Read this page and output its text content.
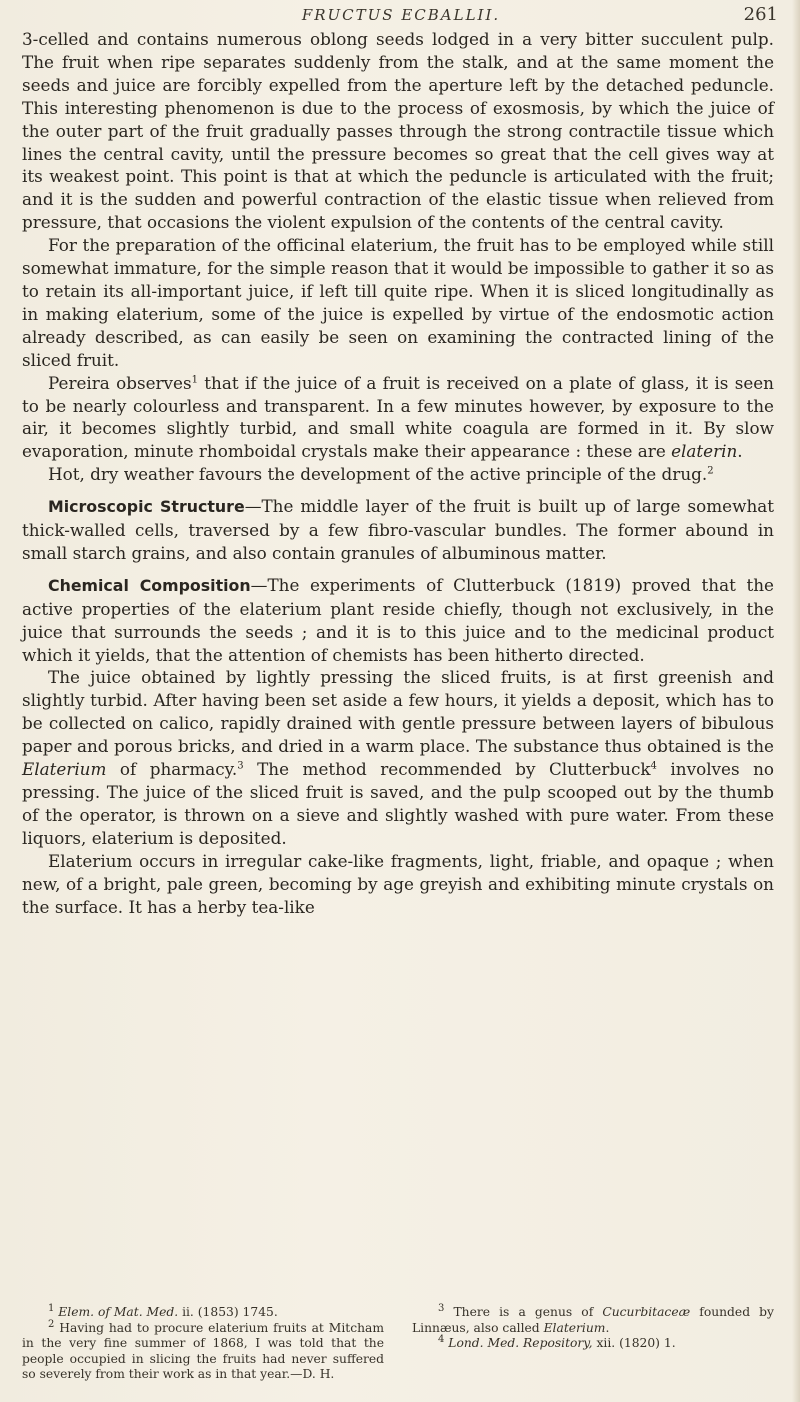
FRUCTUS ECBALLII.	261

3-celled and contains numerous oblong seeds lodged in a very bitter succulent pulp. The fruit when ripe separates suddenly from the stalk, and at the same moment the seeds and juice are forcibly expelled from the aperture left by the detached peduncle. This interesting phenomenon is due to the process of exosmosis, by which the juice of the outer part of the fruit gradually passes through the strong contractile tissue which lines the central cavity, until the pressure becomes so great that the cell gives way at its weakest point. This point is that at which the peduncle is articulated with the fruit; and it is the sudden and powerful contraction of the elastic tissue when relieved from pressure, that occasions the violent expulsion of the contents of the central cavity.

For the preparation of the officinal elaterium, the fruit has to be employed while still somewhat immature, for the simple reason that it would be impossible to gather it so as to retain its all-important juice, if left till quite ripe. When it is sliced longitudinally as in making elaterium, some of the juice is expelled by virtue of the endosmotic action already described, as can easily be seen on examining the contracted lining of the sliced fruit.

Pereira observes$^1$ that if the juice of a fruit is received on a plate of glass, it is seen to be nearly colourless and transparent. In a few minutes however, by exposure to the air, it becomes slightly turbid, and small white coagula are formed in it. By slow evaporation, minute rhomboidal crystals make their appearance : these are elaterin.

Hot, dry weather favours the development of the active principle of the drug.$^2$

Microscopic Structure—The middle layer of the fruit is built up of large somewhat thick-walled cells, traversed by a few fibro-vascular bundles. The former abound in small starch grains, and also contain granules of albuminous matter.

Chemical Composition—The experiments of Clutterbuck (1819) proved that the active properties of the elaterium plant reside chiefly, though not exclusively, in the juice that surrounds the seeds ; and it is to this juice and to the medicinal product which it yields, that the attention of chemists has been hitherto directed.

The juice obtained by lightly pressing the sliced fruits, is at first greenish and slightly turbid. After having been set aside a few hours, it yields a deposit, which has to be collected on calico, rapidly drained with gentle pressure between layers of bibulous paper and porous bricks, and dried in a warm place. The substance thus obtained is the Elaterium of pharmacy.$^3$ The method recommended by Clutterbuck$^4$ involves no pressing. The juice of the sliced fruit is saved, and the pulp scooped out by the thumb of the operator, is thrown on a sieve and slightly washed with pure water. From these liquors, elaterium is deposited.

Elaterium occurs in irregular cake-like fragments, light, friable, and opaque ; when new, of a bright, pale green, becoming by age greyish and exhibiting minute crystals on the surface. It has a herby tea-like

$^1$ Elem. of Mat. Med. ii. (1853) 1745.

$^2$ Having had to procure elaterium fruits at Mitcham in the very fine summer of 1868, I was told that the people occupied in slicing the fruits had never suffered so severely from their work as in that year.—D. H.

$^3$ There is a genus of Cucurbitaceæ founded by Linnæus, also called Elaterium.

$^4$ Lond. Med. Repository, xii. (1820) 1.
